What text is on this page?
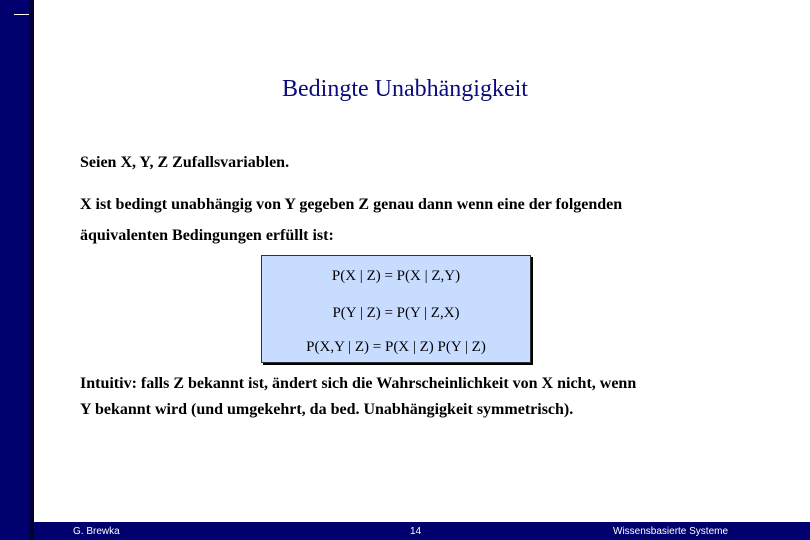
Bedingte Unabhängigkeit
Seien X, Y, Z Zufallsvariablen.
X ist bedingt unabhängig von Y gegeben Z genau dann wenn eine der folgenden
äquivalenten Bedingungen erfüllt ist:
P(X | Z) = P(X | Z,Y)
P(Y | Z) = P(Y | Z,X)
P(X,Y | Z) = P(X | Z) P(Y | Z)
Intuitiv: falls Z bekannt ist, ändert sich die Wahrscheinlichkeit von X nicht, wenn
Y bekannt wird (und umgekehrt, da bed. Unabhängigkeit symmetrisch).
G. Brewka	14	Wissensbasierte Systeme
